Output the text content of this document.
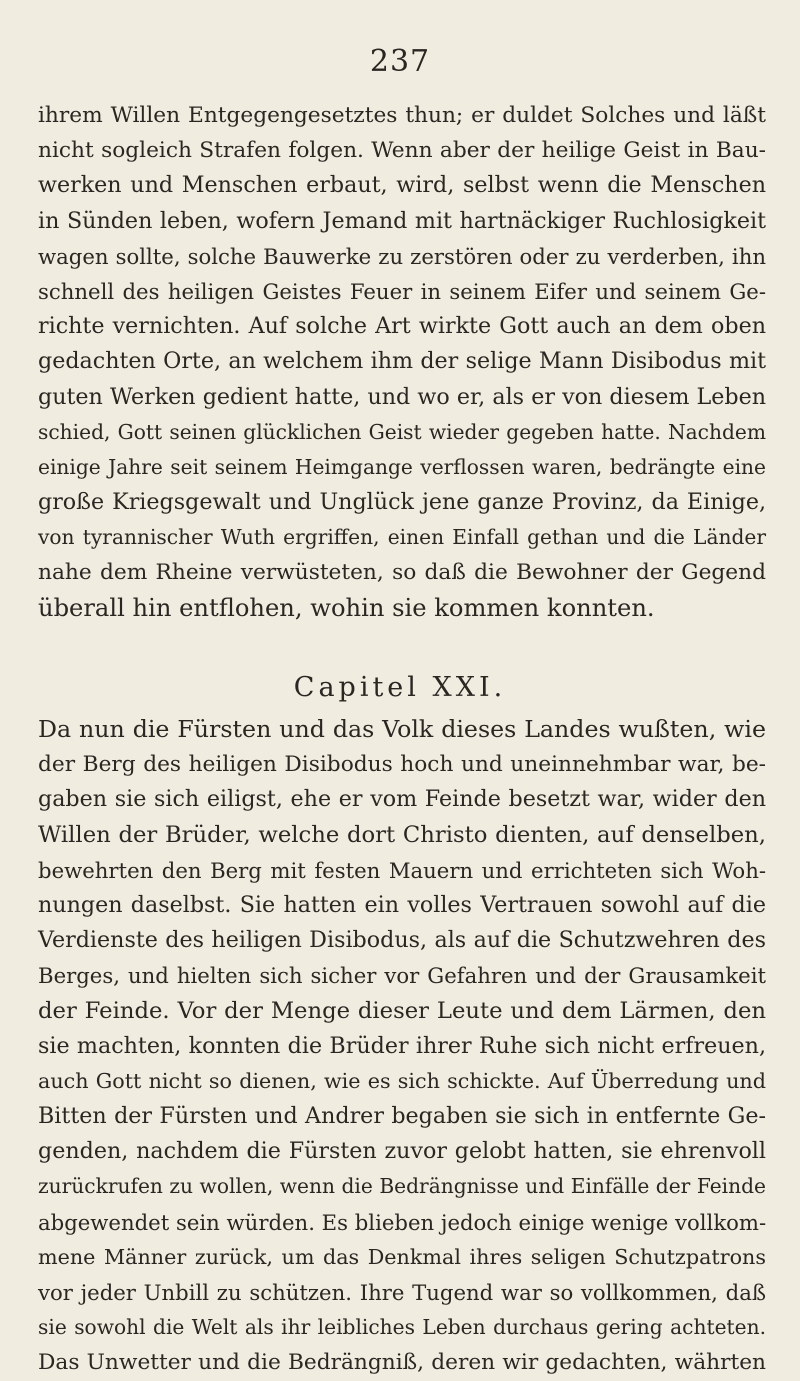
237
ihrem Willen Entgegengesetztes thun; er duldet Solches und läßt
nicht sogleich Strafen folgen. Wenn aber der heilige Geist in Bau-
werken und Menschen erbaut, wird, selbst wenn die Menschen
in Sünden leben, wofern Jemand mit hartnäckiger Ruchlosigkeit
wagen sollte, solche Bauwerke zu zerstören oder zu verderben, ihn
schnell des heiligen Geistes Feuer in seinem Eifer und seinem Ge-
richte vernichten. Auf solche Art wirkte Gott auch an dem oben
gedachten Orte, an welchem ihm der selige Mann Disibodus mit
guten Werken gedient hatte, und wo er, als er von diesem Leben
schied, Gott seinen glücklichen Geist wieder gegeben hatte. Nachdem
einige Jahre seit seinem Heimgange verflossen waren, bedrängte eine
große Kriegsgewalt und Unglück jene ganze Provinz, da Einige,
von tyrannischer Wuth ergriffen, einen Einfall gethan und die Länder
nahe dem Rheine verwüsteten, so daß die Bewohner der Gegend
überall hin entflohen, wohin sie kommen konnten.
Capitel XXI.
Da nun die Fürsten und das Volk dieses Landes wußten, wie
der Berg des heiligen Disibodus hoch und uneinnehmbar war, be-
gaben sie sich eiligst, ehe er vom Feinde besetzt war, wider den
Willen der Brüder, welche dort Christo dienten, auf denselben,
bewehrten den Berg mit festen Mauern und errichteten sich Woh-
nungen daselbst. Sie hatten ein volles Vertrauen sowohl auf die
Verdienste des heiligen Disibodus, als auf die Schutzwehren des
Berges, und hielten sich sicher vor Gefahren und der Grausamkeit
der Feinde. Vor der Menge dieser Leute und dem Lärmen, den
sie machten, konnten die Brüder ihrer Ruhe sich nicht erfreuen,
auch Gott nicht so dienen, wie es sich schickte. Auf Überredung und
Bitten der Fürsten und Andrer begaben sie sich in entfernte Ge-
genden, nachdem die Fürsten zuvor gelobt hatten, sie ehrenvoll
zurückrufen zu wollen, wenn die Bedrängnisse und Einfälle der Feinde
abgewendet sein würden. Es blieben jedoch einige wenige vollkom-
mene Männer zurück, um das Denkmal ihres seligen Schutzpatrons
vor jeder Unbill zu schützen. Ihre Tugend war so vollkommen, daß
sie sowohl die Welt als ihr leibliches Leben durchaus gering achteten.
Das Unwetter und die Bedrängniß, deren wir gedachten, währten
